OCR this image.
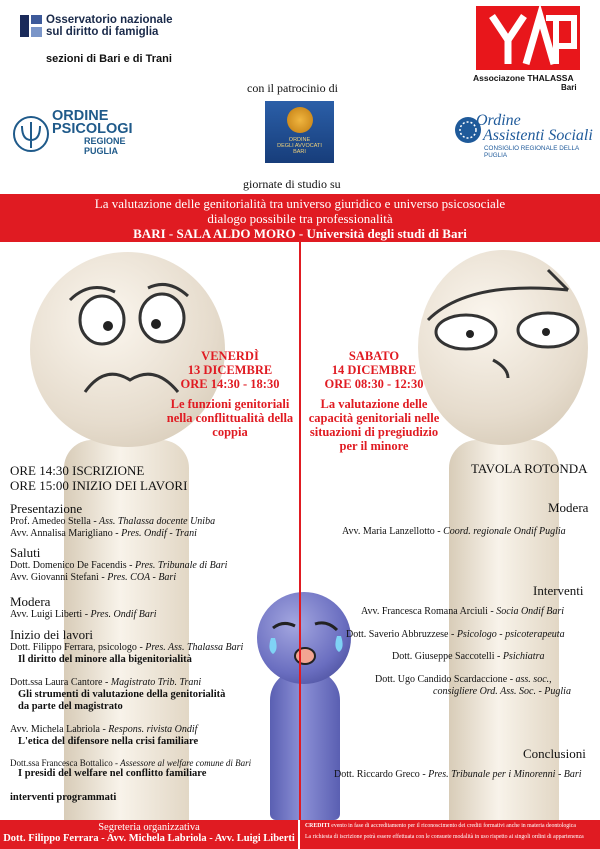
Osservatorio nazionale
sul diritto di famiglia
sezioni di Bari e di Trani
Associazone THALASSA
Bari
con il patrocinio di
ORDINE
DEGLI AVVOCATI
BARI
ORDINE
PSICOLOGI
REGIONE
PUGLIA
Ordine
Assistenti Sociali
CONSIGLIO REGIONALE DELLA PUGLIA
giornate di studio su
La valutazione delle genitorialità tra universo giuridico e universo psicosociale
dialogo possibile tra professionalità
BARI - SALA ALDO MORO - Università degli studi di Bari
VENERDÌ
13 DICEMBRE
ORE 14:30 - 18:30
Le funzioni genitoriali
nella conflittualità della
coppia
SABATO
14 DICEMBRE
ORE 08:30 - 12:30
La valutazione delle
capacità genitoriali nelle
situazioni di pregiudizio
per il minore
ORE 14:30 ISCRIZIONE
ORE 15:00 INIZIO DEI LAVORI
Presentazione
Prof. Amedeo Stella - Ass. Thalassa docente Uniba
Avv. Annalisa Marigliano - Pres. Ondif - Trani
Saluti
Dott. Domenico De Facendis - Pres. Tribunale di Bari
Avv. Giovanni Stefanì - Pres. COA - Bari
Modera
Avv. Luigi Liberti - Pres. Ondif Bari
Inizio dei lavori
Dott. Filippo Ferrara, psicologo - Pres. Ass. Thalassa Bari
Il diritto del minore alla bigenitorialità
Dott.ssa Laura Cantore - Magistrato Trib. Trani
Gli strumenti di valutazione della genitorialità
da parte del magistrato
Avv. Michela Labriola - Respons. rivista Ondif
L'etica del difensore nella crisi familiare
Dott.ssa Francesca Bottalico - Assessore al welfare comune di Bari
I presidi del welfare nel conflitto familiare
interventi programmati
TAVOLA ROTONDA
Modera
Avv. Maria Lanzellotto - Coord. regionale Ondif Puglia
Interventi
Avv. Francesca Romana Arciuli - Socia Ondif Bari
Dott. Saverio Abbruzzese - Psicologo - psicoterapeuta
Dott. Giuseppe Saccotelli - Psichiatra
Dott. Ugo Candido Scardaccione - ass. soc.,
consigliere Ord. Ass. Soc. - Puglia
Conclusioni
Dott. Riccardo Greco - Pres. Tribunale per i Minorenni - Bari
Segreteria organizzativa
Dott. Filippo Ferrara - Avv. Michela Labriola - Avv. Luigi Liberti
CREDITI evento in fase di accreditamento per il riconoscimento dei crediti formativi anche in materia deontologica
La richiesta di iscrizione potrà essere effettuata con le consuete modalità in uso rispetto ai singoli ordini di appartenenza
